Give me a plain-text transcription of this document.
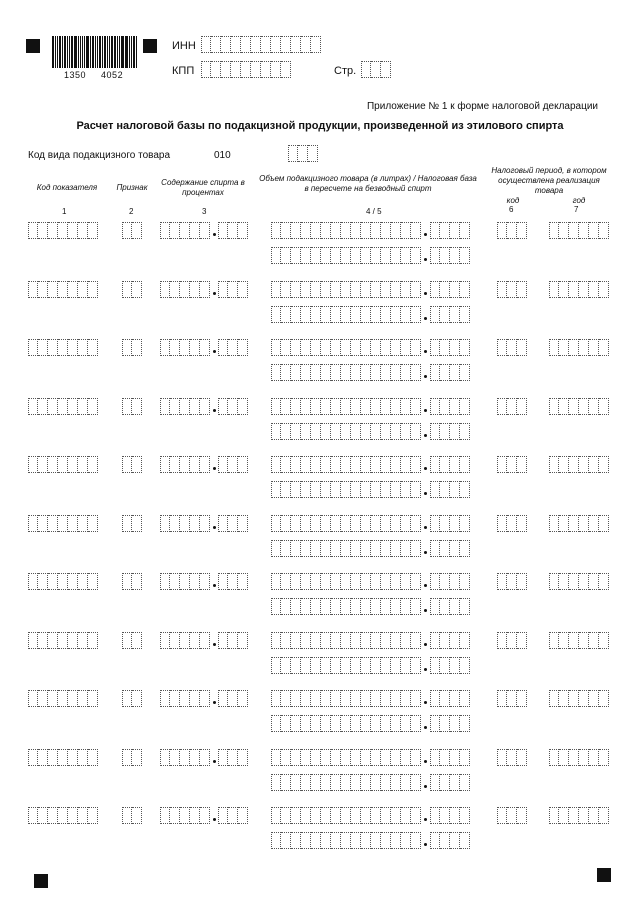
1350 4052
ИНН
КПП	Стр.
Приложение № 1 к форме налоговой декларации
Расчет налоговой базы по подакцизной продукции, произведенной из этилового спирта
Код вида подакцизного товара	010
Код показателя	Признак
Содержание спирта в процентах
Объем подакцизного товара (в литрах) / Налоговая база в пересчете на безводный спирт
Налоговый период, в котором осуществлена реализация товара
код	год
1	2	3	4 / 5	6	7
